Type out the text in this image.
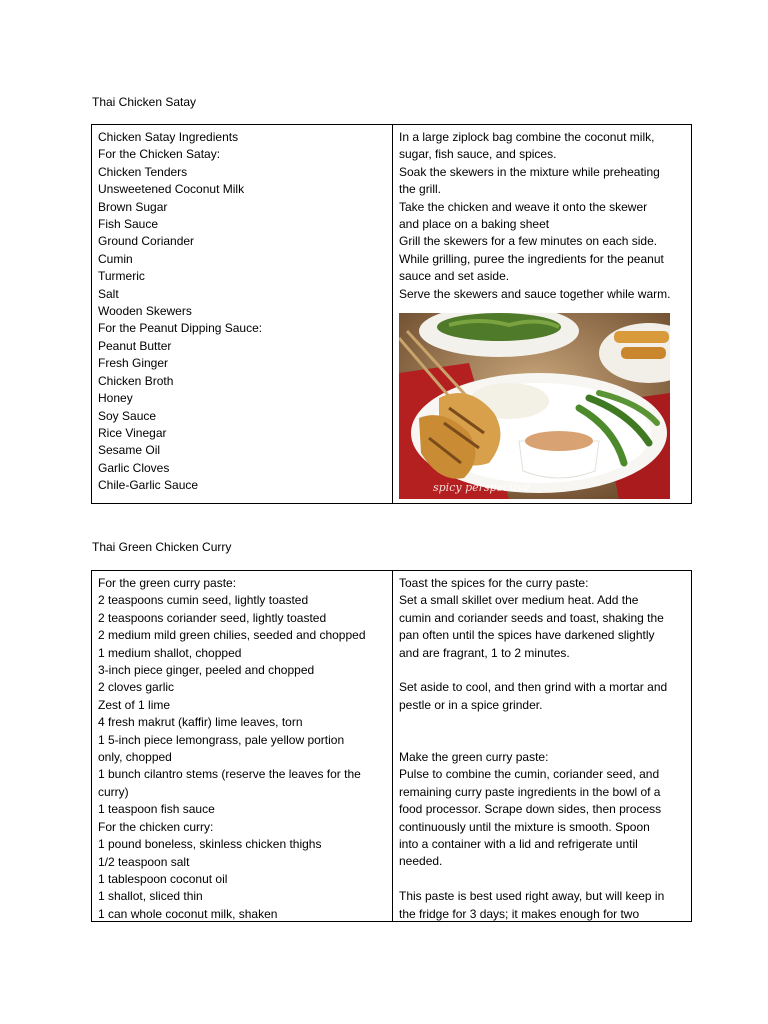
Thai Chicken Satay
Chicken Satay Ingredients
For the Chicken Satay:
Chicken Tenders
Unsweetened Coconut Milk
Brown Sugar
Fish Sauce
Ground Coriander
Cumin
Turmeric
Salt
Wooden Skewers
For the Peanut Dipping Sauce:
Peanut Butter
Fresh Ginger
Chicken Broth
Honey
Soy Sauce
Rice Vinegar
Sesame Oil
Garlic Cloves
Chile-Garlic Sauce
In a large ziplock bag combine the coconut milk,
sugar, fish sauce, and spices.
Soak the skewers in the mixture while preheating
the grill.
Take the chicken and weave it onto the skewer
and place on a baking sheet
Grill the skewers for a few minutes on each side.
While grilling, puree the ingredients for the peanut
sauce and set aside.
Serve the skewers and sauce together while warm.
spicy perspective
Thai Green Chicken Curry
For the green curry paste:
2 teaspoons cumin seed, lightly toasted
2 teaspoons coriander seed, lightly toasted
2 medium mild green chilies, seeded and chopped
1 medium shallot, chopped
3-inch piece ginger, peeled and chopped
2 cloves garlic
Zest of 1 lime
4 fresh makrut (kaffir) lime leaves, torn
1 5-inch piece lemongrass, pale yellow portion
only, chopped
1 bunch cilantro stems (reserve the leaves for the
curry)
1 teaspoon fish sauce
For the chicken curry:
1 pound boneless, skinless chicken thighs
1/2 teaspoon salt
1 tablespoon coconut oil
1 shallot, sliced thin
1 can whole coconut milk, shaken
Toast the spices for the curry paste:
Set a small skillet over medium heat. Add the
cumin and coriander seeds and toast, shaking the
pan often until the spices have darkened slightly
and are fragrant, 1 to 2 minutes.
Set aside to cool, and then grind with a mortar and
pestle or in a spice grinder.
Make the green curry paste:
Pulse to combine the cumin, coriander seed, and
remaining curry paste ingredients in the bowl of a
food processor. Scrape down sides, then process
continuously until the mixture is smooth. Spoon
into a container with a lid and refrigerate until
needed.
This paste is best used right away, but will keep in
the fridge for 3 days; it makes enough for two
